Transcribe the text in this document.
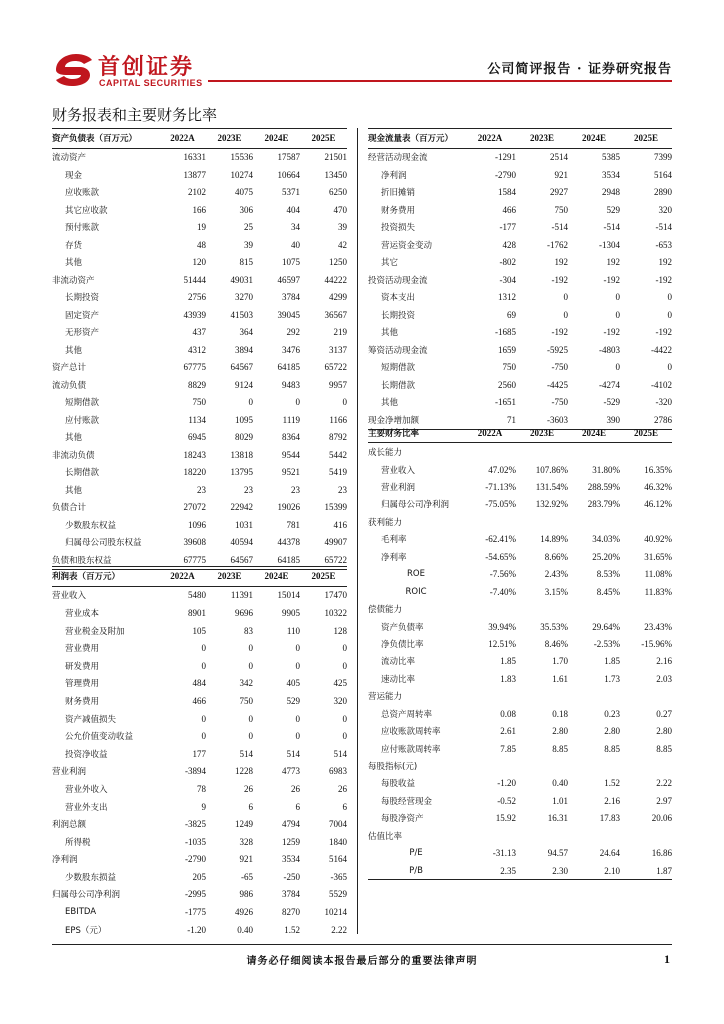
首创证券
CAPITAL SECURITIES
公司简评报告 · 证券研究报告
财务报表和主要财务比率
资产负债表（百万元）	2022A	2023E	2024E	2025E
流动资产	16331	15536	17587	21501
现金	13877	10274	10664	13450
应收账款	2102	4075	5371	6250
其它应收款	166	306	404	470
预付账款	19	25	34	39
存货	48	39	40	42
其他	120	815	1075	1250
非流动资产	51444	49031	46597	44222
长期投资	2756	3270	3784	4299
固定资产	43939	41503	39045	36567
无形资产	437	364	292	219
其他	4312	3894	3476	3137
资产总计	67775	64567	64185	65722
流动负债	8829	9124	9483	9957
短期借款	750	0	0	0
应付账款	1134	1095	1119	1166
其他	6945	8029	8364	8792
非流动负债	18243	13818	9544	5442
长期借款	18220	13795	9521	5419
其他	23	23	23	23
负债合计	27072	22942	19026	15399
少数股东权益	1096	1031	781	416
归属母公司股东权益	39608	40594	44378	49907
负债和股东权益	67775	64567	64185	65722
利润表（百万元）	2022A	2023E	2024E	2025E
营业收入	5480	11391	15014	17470
营业成本	8901	9696	9905	10322
营业税金及附加	105	83	110	128
营业费用	0	0	0	0
研发费用	0	0	0	0
管理费用	484	342	405	425
财务费用	466	750	529	320
资产减值损失	0	0	0	0
公允价值变动收益	0	0	0	0
投资净收益	177	514	514	514
营业利润	-3894	1228	4773	6983
营业外收入	78	26	26	26
营业外支出	9	6	6	6
利润总额	-3825	1249	4794	7004
所得税	-1035	328	1259	1840
净利润	-2790	921	3534	5164
少数股东损益	205	-65	-250	-365
归属母公司净利润	-2995	986	3784	5529
EBITDA	-1775	4926	8270	10214
EPS（元）	-1.20	0.40	1.52	2.22
现金流量表（百万元）	2022A	2023E	2024E	2025E
经营活动现金流	-1291	2514	5385	7399
净利润	-2790	921	3534	5164
折旧摊销	1584	2927	2948	2890
财务费用	466	750	529	320
投资损失	-177	-514	-514	-514
营运资金变动	428	-1762	-1304	-653
其它	-802	192	192	192
投资活动现金流	-304	-192	-192	-192
资本支出	1312	0	0	0
长期投资	69	0	0	0
其他	-1685	-192	-192	-192
筹资活动现金流	1659	-5925	-4803	-4422
短期借款	750	-750	0	0
长期借款	2560	-4425	-4274	-4102
其他	-1651	-750	-529	-320
现金净增加额	71	-3603	390	2786
主要财务比率	2022A	2023E	2024E	2025E
成长能力
营业收入	47.02%	107.86%	31.80%	16.35%
营业利润	-71.13%	131.54%	288.59%	46.32%
归属母公司净利润	-75.05%	132.92%	283.79%	46.12%
获利能力
毛利率	-62.41%	14.89%	34.03%	40.92%
净利率	-54.65%	8.66%	25.20%	31.65%
ROE	-7.56%	2.43%	8.53%	11.08%
ROIC	-7.40%	3.15%	8.45%	11.83%
偿债能力
资产负债率	39.94%	35.53%	29.64%	23.43%
净负债比率	12.51%	8.46%	-2.53%	-15.96%
流动比率	1.85	1.70	1.85	2.16
速动比率	1.83	1.61	1.73	2.03
营运能力
总资产周转率	0.08	0.18	0.23	0.27
应收账款周转率	2.61	2.80	2.80	2.80
应付账款周转率	7.85	8.85	8.85	8.85
每股指标(元)
每股收益	-1.20	0.40	1.52	2.22
每股经营现金	-0.52	1.01	2.16	2.97
每股净资产	15.92	16.31	17.83	20.06
估值比率
P/E	-31.13	94.57	24.64	16.86
P/B	2.35	2.30	2.10	1.87
请务必仔细阅读本报告最后部分的重要法律声明	1
